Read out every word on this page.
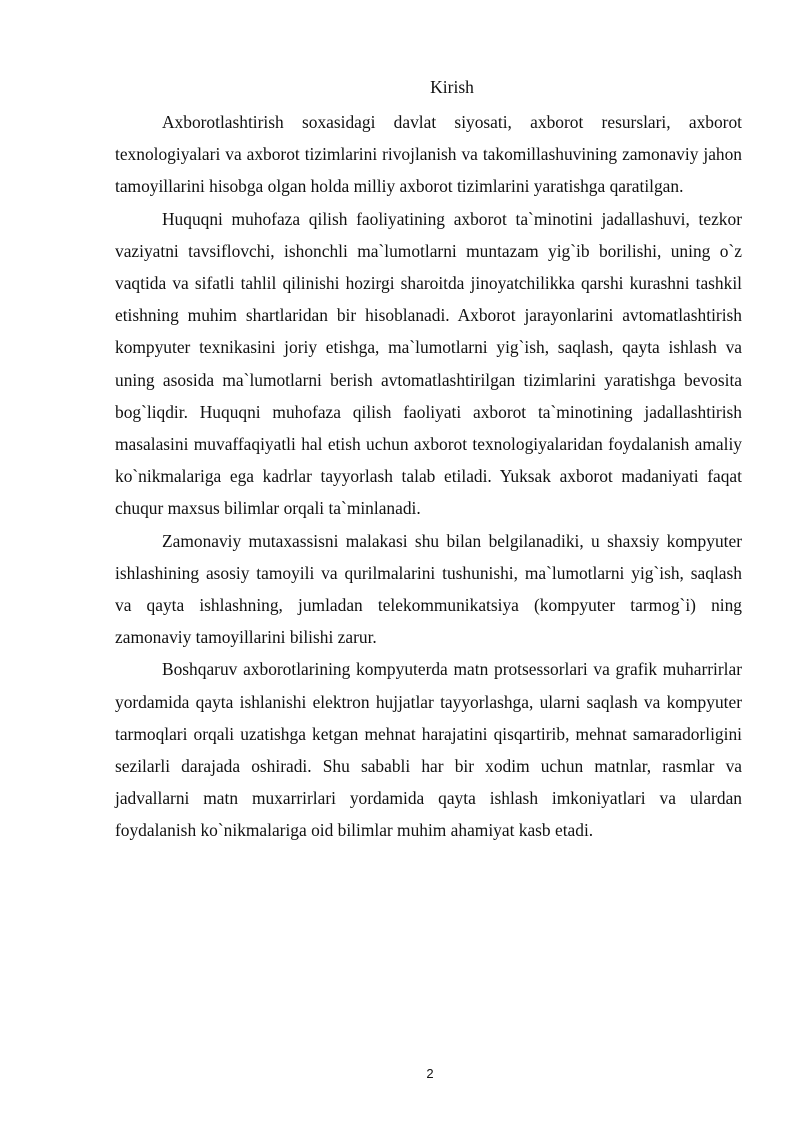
Kirish

Axborotlashtirish soxasidagi davlat siyosati, axborot resurslari, axborot texnologiyalari va axborot tizimlarini rivojlanish va takomillashuvining zamonaviy jahon tamoyillarini hisobga olgan holda milliy axborot tizimlarini yaratishga qaratilgan.

Huquqni muhofaza qilish faoliyatining axborot ta`minotini jadallashuvi, tezkor vaziyatni tavsiflovchi, ishonchli ma`lumotlarni muntazam yig`ib borilishi, uning o`z vaqtida va sifatli tahlil qilinishi hozirgi sharoitda jinoyatchilikka qarshi kurashni tashkil etishning muhim shartlaridan bir hisoblanadi. Axborot jarayonlarini avtomatlashtirish kompyuter texnikasini joriy etishga, ma`lumotlarni yig`ish, saqlash, qayta ishlash va uning asosida ma`lumotlarni berish avtomatlashtirilgan tizimlarini yaratishga bevosita bog`liqdir. Huquqni muhofaza qilish faoliyati axborot ta`minotining jadallashtirish masalasini muvaffaqiyatli hal etish uchun axborot texnologiyalaridan foydalanish amaliy ko`nikmalariga ega kadrlar tayyorlash talab etiladi. Yuksak axborot madaniyati faqat chuqur maxsus bilimlar orqali ta`minlanadi.

Zamonaviy mutaxassisni malakasi shu bilan belgilanadiki, u shaxsiy kompyuter ishlashining asosiy tamoyili va qurilmalarini tushunishi, ma`lumotlarni yig`ish, saqlash va qayta ishlashning, jumladan telekommunikatsiya (kompyuter tarmog`i) ning zamonaviy tamoyillarini bilishi zarur.

Boshqaruv axborotlarining kompyuterda matn protsessorlari va grafik muharrirlar yordamida qayta ishlanishi elektron hujjatlar tayyorlashga, ularni saqlash va kompyuter tarmoqlari orqali uzatishga ketgan mehnat harajatini qisqartirib, mehnat samaradorligini sezilarli darajada oshiradi. Shu sababli har bir xodim uchun matnlar, rasmlar va jadvallarni matn muxarrirlari yordamida qayta ishlash imkoniyatlari va ulardan foydalanish ko`nikmalariga oid bilimlar muhim ahamiyat kasb etadi.

2
